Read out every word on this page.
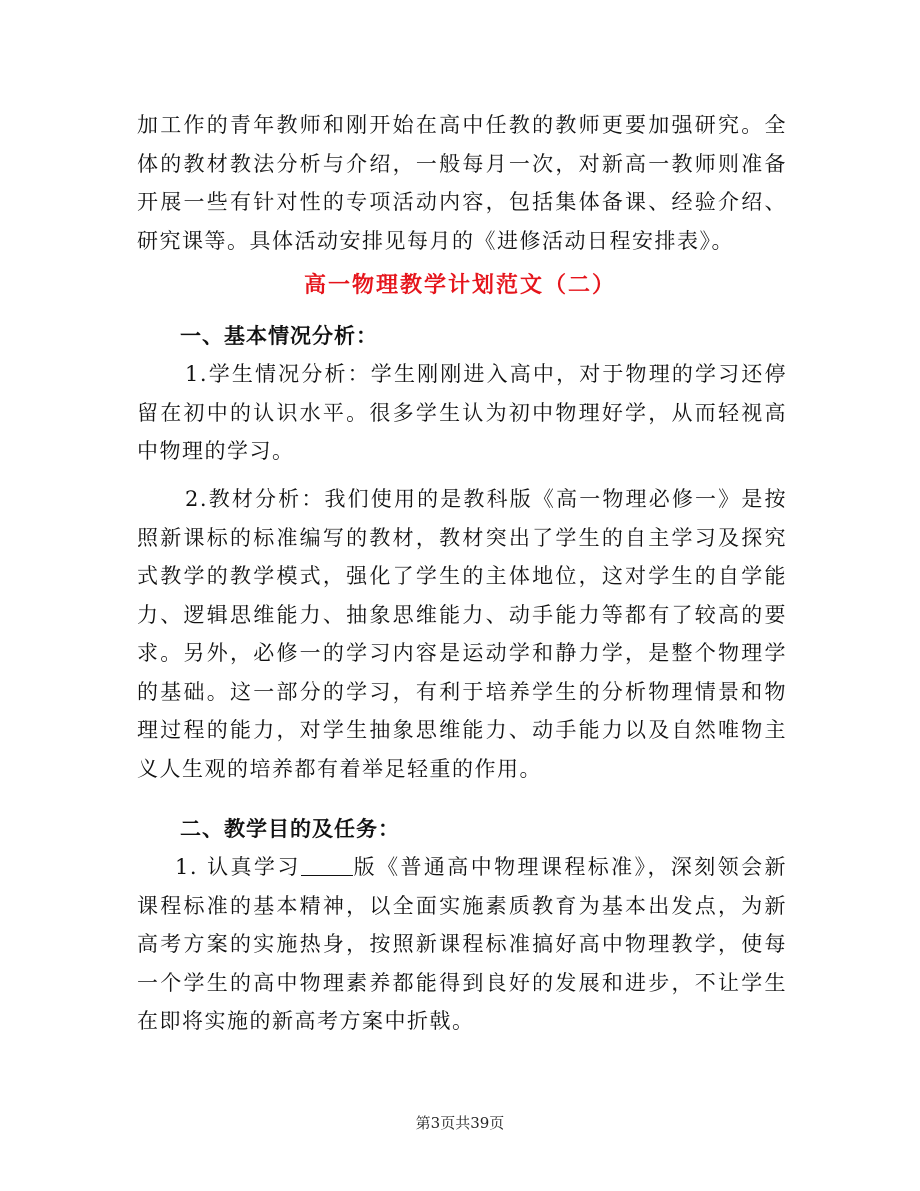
加工作的青年教师和刚开始在高中任教的教师更要加强研究。全体的教材教法分析与介绍，一般每月一次，对新高一教师则准备开展一些有针对性的专项活动内容，包括集体备课、经验介绍、研究课等。具体活动安排见每月的《进修活动日程安排表》。

高一物理教学计划范文（二）
一、基本情况分析：

1.学生情况分析：学生刚刚进入高中，对于物理的学习还停留在初中的认识水平。很多学生认为初中物理好学，从而轻视高中物理的学习。

2.教材分析：我们使用的是教科版《高一物理必修一》是按照新课标的标准编写的教材，教材突出了学生的自主学习及探究式教学的教学模式，强化了学生的主体地位，这对学生的自学能力、逻辑思维能力、抽象思维能力、动手能力等都有了较高的要求。另外，必修一的学习内容是运动学和静力学，是整个物理学的基础。这一部分的学习，有利于培养学生的分析物理情景和物理过程的能力，对学生抽象思维能力、动手能力以及自然唯物主义人生观的培养都有着举足轻重的作用。

二、教学目的及任务：

1. 认真学习 版《普通高中物理课程标准》，深刻领会新课程标准的基本精神，以全面实施素质教育为基本出发点，为新高考方案的实施热身，按照新课程标准搞好高中物理教学，使每一个学生的高中物理素养都能得到良好的发展和进步，不让学生在即将实施的新高考方案中折戟。

第3页共39页
